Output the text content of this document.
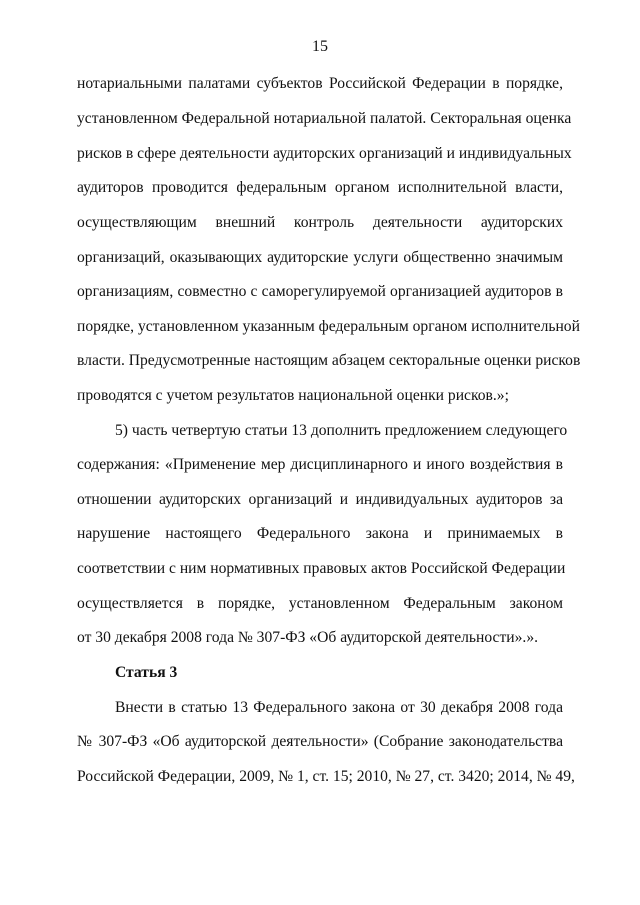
15
нотариальными палатами субъектов Российской Федерации в порядке,
установленном Федеральной нотариальной палатой. Секторальная оценка
рисков в сфере деятельности аудиторских организаций и индивидуальных
аудиторов проводится федеральным органом исполнительной власти,
осуществляющим внешний контроль деятельности аудиторских
организаций, оказывающих аудиторские услуги общественно значимым
организациям, совместно с саморегулируемой организацией аудиторов в
порядке, установленном указанным федеральным органом исполнительной
власти. Предусмотренные настоящим абзацем секторальные оценки рисков
проводятся с учетом результатов национальной оценки рисков.»;
5) часть четвертую статьи 13 дополнить предложением следующего
содержания: «Применение мер дисциплинарного и иного воздействия в
отношении аудиторских организаций и индивидуальных аудиторов за
нарушение настоящего Федерального закона и принимаемых в
соответствии с ним нормативных правовых актов Российской Федерации
осуществляется в порядке, установленном Федеральным законом
от 30 декабря 2008 года № 307-ФЗ «Об аудиторской деятельности».».
Статья 3
Внести в статью 13 Федерального закона от 30 декабря 2008 года
№ 307-ФЗ «Об аудиторской деятельности» (Собрание законодательства
Российской Федерации, 2009, № 1, ст. 15; 2010, № 27, ст. 3420; 2014, № 49,
